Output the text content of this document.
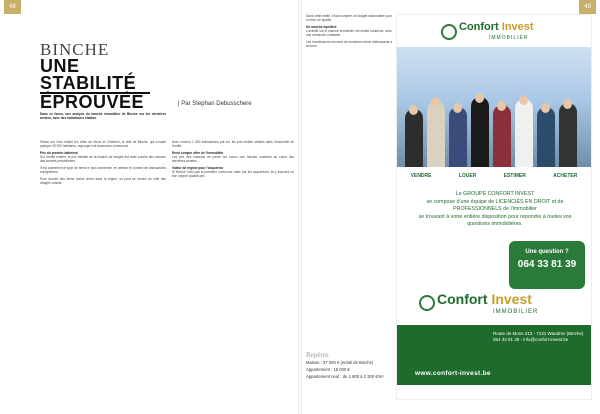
48	49
BINCHE
UNE STABILITÉ
ÉPROUVÉE	| Par Stephan Debusschere

Dans ce focus, une analyse du marché immobilier de Binche sur les dernières années, avec des indicateurs stables.

Située sur l'axe reliant les villes de Mons et Charleroi, la ville de Binche, qui compte quelque 33 000 habitants, regroupe huit anciennes communes.

Prix du premier-bâtiment

Sur l'entité entière, le prix médian de la maison de rangée est resté proche des niveaux des années précédentes.

Il est clairement le type de biens le plus recherché, en atteste le nombre de transactions enregistrées.

Pour trouver des biens moins chers dans la région, on peut se rendre du côté des villages voisins.

Avec environ 1 500 transactions par an, les prix restent stables dans l'ensemble de l'entité.

Rend compte offre de l'immobilier

Les prix des maisons de pierre ont connu une hausse modérée au cours des dernières années.

Valeur de régime pour l'acquéreur

Si Binche n'est pas la première commune visée par les acquéreurs, ils y trouvent un bon rapport qualité-prix.

Dans cette entité, il faut compter un budget raisonnable pour un bien de qualité.

Un marché équilibré

L'activité sur le marché immobilier est restée soutenue, avec une demande constante.

Les investisseurs trouvent de nombreux biens intéressants à rénover.

Repères
Maison : 37 000 € (entité de Binche)
Appartement : 15 000 €
Appartement neuf : de 1 800 à 2 300 €/m²
Confort Invest
IMMOBILIER
VENDRE	LOUER	ESTIMER	ACHETER
Le GROUPE CONFORT INVEST
se compose d'une équipe de LICENCIÉS EN DROIT et de PROFESSIONNELS de l'immobilier
se trouvant à votre entière disposition pour répondre à toutes vos questions immobilières.
Une question ?
064 33 81 39
Confort Invest
IMMOBILIER
Route de Mons 313 - 7131 Waudrez (Binche)
064 33 81 39 - info@confort-invest.be
www.confort-invest.be
